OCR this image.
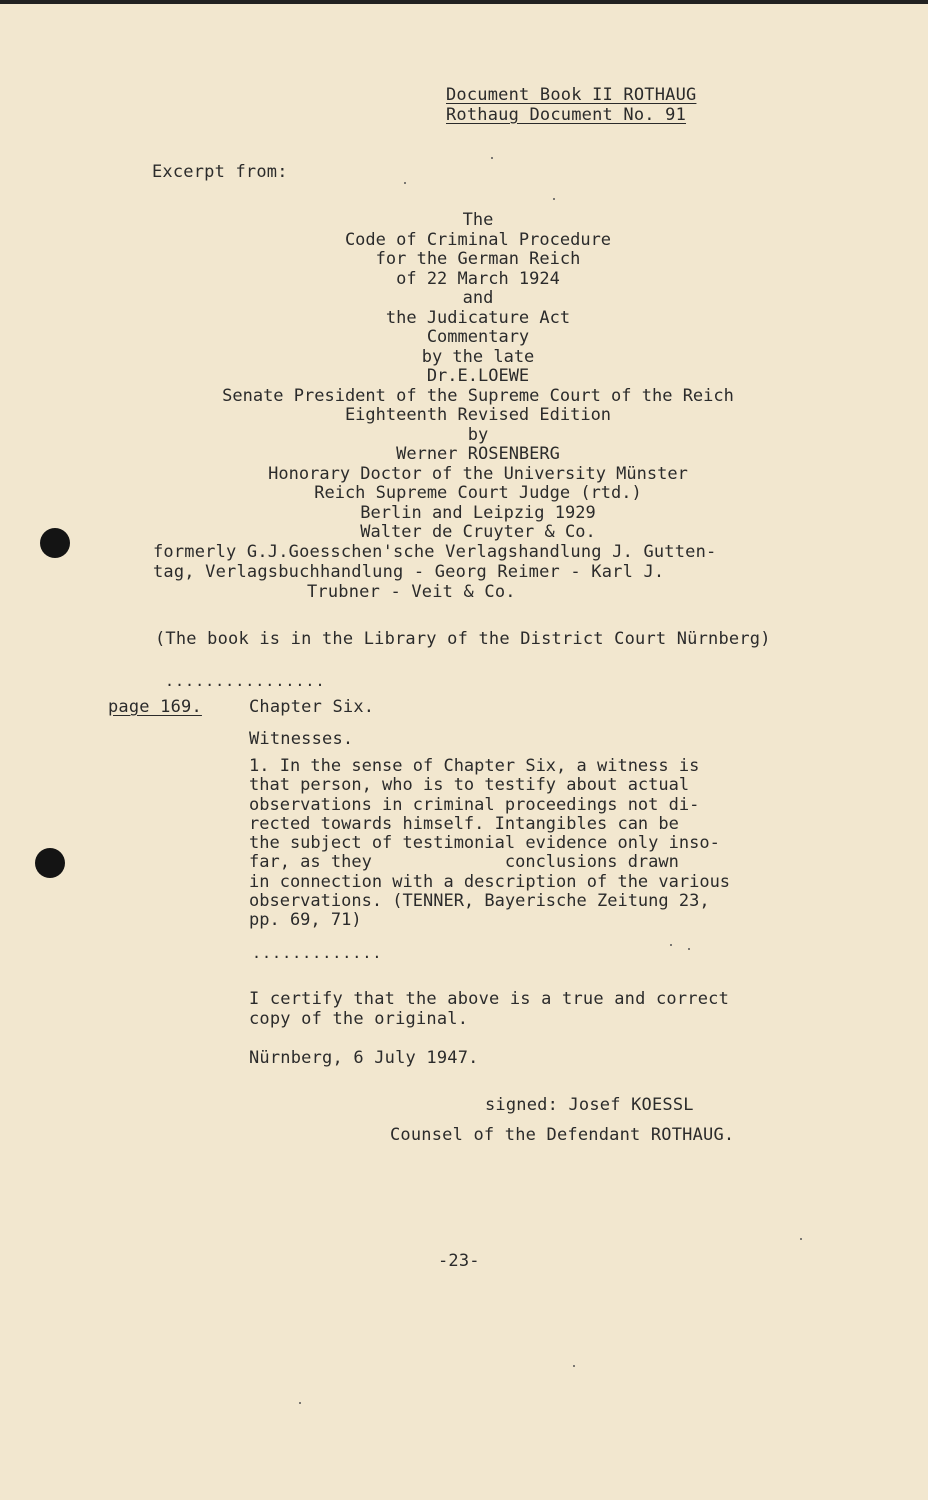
Document Book II ROTHAUG
Rothaug Document No. 91
Excerpt from:
The
Code of Criminal Procedure
for the German Reich
of 22 March 1924
and
the Judicature Act
Commentary
by the late
Dr.E.LOEWE
Senate President of the Supreme Court of the Reich
Eighteenth Revised Edition
by
Werner ROSENBERG
Honorary Doctor of the University Münster
Reich Supreme Court Judge (rtd.)
Berlin and Leipzig 1929
Walter de Cruyter & Co.
formerly G.J.Goesschen'sche Verlagshandlung J. Gutten-
tag, Verlagsbuchhandlung - Georg Reimer - Karl J.
Trubner - Veit & Co.
(The book is in the Library of the District Court Nürnberg)
................
page 169.	Chapter Six.
Witnesses.
1. In the sense of Chapter Six, a witness is
that person, who is to testify about actual
observations in criminal proceedings not di-
rected towards himself. Intangibles can be
the subject of testimonial evidence only inso-
far, as they             conclusions drawn
in connection with a description of the various
observations. (TENNER, Bayerische Zeitung 23,
pp. 69, 71)
.............
I certify that the above is a true and correct
copy of the original.
Nürnberg, 6 July 1947.
signed: Josef KOESSL
Counsel of the Defendant ROTHAUG.
-23-
